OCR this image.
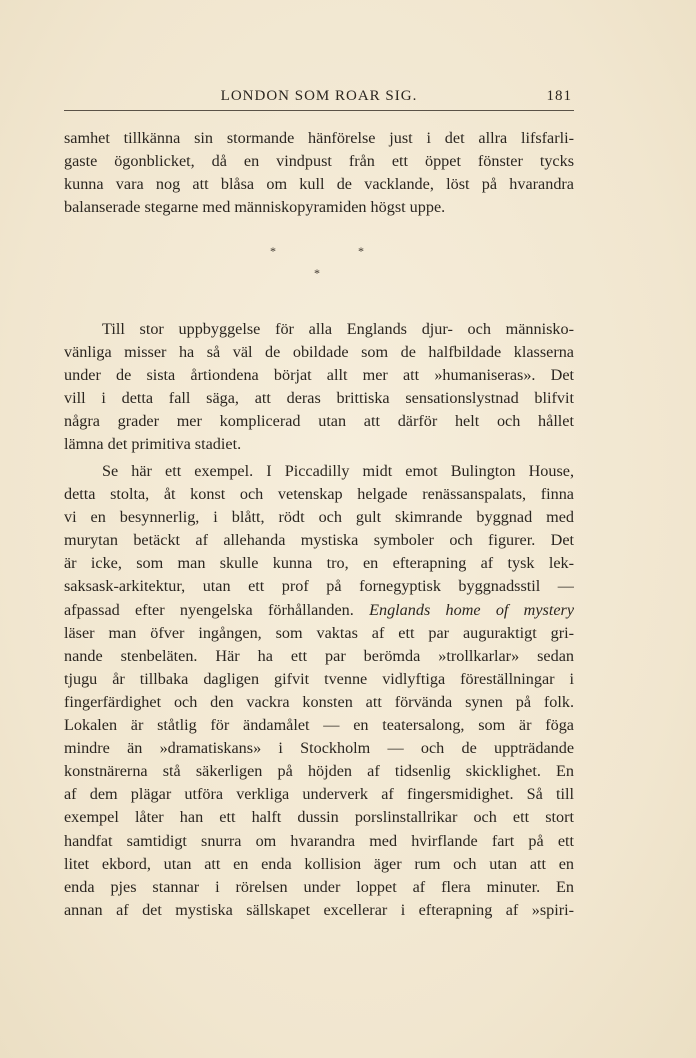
LONDON SOM ROAR SIG.	181
samhet tillkänna sin stormande hänförelse just i det allra lifsfarli-
gaste ögonblicket, då en vindpust från ett öppet fönster tycks
kunna vara nog att blåsa om kull de vacklande, löst på hvarandra
balanserade stegarne med människopyramiden högst uppe.
*	*
*
Till stor uppbyggelse för alla Englands djur- och människo-
vänliga misser ha så väl de obildade som de halfbildade klasserna
under de sista årtiondena börjat allt mer att »humaniseras». Det
vill i detta fall säga, att deras brittiska sensationslystnad blifvit
några grader mer komplicerad utan att därför helt och hållet
lämna det primitiva stadiet.
Se här ett exempel. I Piccadilly midt emot Bulington House,
detta stolta, åt konst och vetenskap helgade renässanspalats, finna
vi en besynnerlig, i blått, rödt och gult skimrande byggnad med
murytan betäckt af allehanda mystiska symboler och figurer. Det
är icke, som man skulle kunna tro, en efterapning af tysk lek-
saksask-arkitektur, utan ett prof på fornegyptisk byggnadsstil —
afpassad efter nyengelska förhållanden. Englands home of mystery
läser man öfver ingången, som vaktas af ett par auguraktigt gri-
nande stenbeläten. Här ha ett par berömda »trollkarlar» sedan
tjugu år tillbaka dagligen gifvit tvenne vidlyftiga föreställningar i
fingerfärdighet och den vackra konsten att förvända synen på folk.
Lokalen är ståtlig för ändamålet — en teatersalong, som är föga
mindre än »dramatiskans» i Stockholm — och de uppträdande
konstnärerna stå säkerligen på höjden af tidsenlig skicklighet. En
af dem plägar utföra verkliga underverk af fingersmidighet. Så till
exempel låter han ett halft dussin porslinstallrikar och ett stort
handfat samtidigt snurra om hvarandra med hvirflande fart på ett
litet ekbord, utan att en enda kollision äger rum och utan att en
enda pjes stannar i rörelsen under loppet af flera minuter. En
annan af det mystiska sällskapet excellerar i efterapning af »spiri-
